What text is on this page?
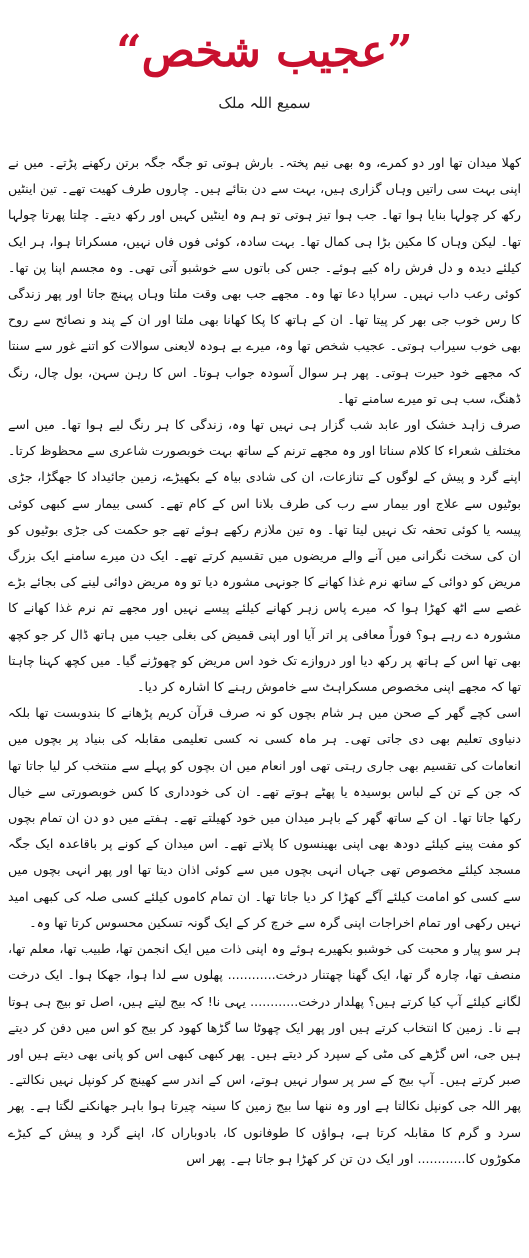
”عجیب شخص“
سمیع اللہ ملک

کھلا میدان تھا اور دو کمرے، وہ بھی نیم پختہ۔ بارش ہوتی تو جگہ جگہ برتن رکھنے پڑتے۔ میں نے اپنی بہت سی راتیں وہاں گزاری ہیں، بہت سے دن بتائے ہیں۔ چاروں طرف کھیت تھے۔ تین اینٹیں رکھ کر چولہا بنایا ہوا تھا۔ جب ہوا تیز ہوتی تو ہم وہ اینٹیں کہیں اور رکھ دیتے۔ چلتا پھرتا چولہا تھا۔ لیکن وہاں کا مکین بڑا ہی کمال تھا۔ بہت سادہ، کوئی فوں فاں نہیں، مسکراتا ہوا، ہر ایک کیلئے دیدہ و دل فرش راہ کیے ہوئے۔ جس کی باتوں سے خوشبو آتی تھی۔ وہ مجسم اپنا پن تھا۔ کوئی رعب داب نہیں۔ سراپا دعا تھا وہ۔ مجھے جب بھی وقت ملتا وہاں پہنچ جاتا اور پھر زندگی کا رس خوب جی بھر کر پیتا تھا۔ ان کے ہاتھ کا پکا کھانا بھی ملتا اور ان کے پند و نصائح سے روح بھی خوب سیراب ہوتی۔ عجیب شخص تھا وہ، میرے بے ہودہ لایعنی سوالات کو اتنے غور سے سنتا کہ مجھے خود حیرت ہوتی۔ پھر ہر سوال آسودہ جواب ہوتا۔ اس کا رہن سہن، بول چال، رنگ ڈھنگ، سب ہی تو میرے سامنے تھا۔

صرف زاہد خشک اور عابد شب گزار ہی نہیں تھا وہ، زندگی کا ہر رنگ لیے ہوا تھا۔ میں اسے مختلف شعراء کا کلام سناتا اور وہ مجھے ترنم کے ساتھ بہت خوبصورت شاعری سے محظوظ کرتا۔ اپنے گرد و پیش کے لوگوں کے تنازعات، ان کی شادی بیاہ کے بکھیڑے، زمین جائیداد کا جھگڑا، جڑی بوٹیوں سے علاج اور بیمار سے رب کی طرف بلانا اس کے کام تھے۔ کسی بیمار سے کبھی کوئی پیسہ یا کوئی تحفہ تک نہیں لیتا تھا۔ وہ تین ملازم رکھے ہوئے تھے جو حکمت کی جڑی بوٹیوں کو ان کی سخت نگرانی میں آنے والے مریضوں میں تقسیم کرتے تھے۔ ایک دن میرے سامنے ایک بزرگ مریض کو دوائی کے ساتھ نرم غذا کھانے کا جونہی مشورہ دیا تو وہ مریض دوائی لینے کی بجائے بڑے غصے سے اٹھ کھڑا ہوا کہ میرے پاس زہر کھانے کیلئے پیسے نہیں اور مجھے تم نرم غذا کھانے کا مشورہ دے رہے ہو؟ فوراً معافی پر اتر آیا اور اپنی قمیض کی بغلی جیب میں ہاتھ ڈال کر جو کچھ بھی تھا اس کے ہاتھ پر رکھ دیا اور دروازے تک خود اس مریض کو چھوڑنے گیا۔ میں کچھ کہنا چاہتا تھا کہ مجھے اپنی مخصوص مسکراہٹ سے خاموش رہنے کا اشارہ کر دیا۔

اسی کچے گھر کے صحن میں ہر شام بچوں کو نہ صرف قرآن کریم پڑھانے کا بندوبست تھا بلکہ دنیاوی تعلیم بھی دی جاتی تھی۔ ہر ماہ کسی نہ کسی تعلیمی مقابلہ کی بنیاد پر بچوں میں انعامات کی تقسیم بھی جاری رہتی تھی اور انعام میں ان بچوں کو پہلے سے منتخب کر لیا جاتا تھا کہ جن کے تن کے لباس بوسیدہ یا پھٹے ہوتے تھے۔ ان کی خودداری کا کس خوبصورتی سے خیال رکھا جاتا تھا۔ ان کے ساتھ گھر کے باہر میدان میں خود کھیلتے تھے۔ ہفتے میں دو دن ان تمام بچوں کو مفت پینے کیلئے دودھ بھی اپنی بھینسوں کا پلاتے تھے۔ اس میدان کے کونے پر باقاعدہ ایک جگہ مسجد کیلئے مخصوص تھی جہاں انہی بچوں میں سے کوئی اذان دیتا تھا اور پھر انہی بچوں میں سے کسی کو امامت کیلئے آگے کھڑا کر دیا جاتا تھا۔ ان تمام کاموں کیلئے کسی صلہ کی کبھی امید نہیں رکھی اور تمام اخراجات اپنی گرہ سے خرچ کر کے ایک گونہ تسکین محسوس کرتا تھا وہ۔

ہر سو پیار و محبت کی خوشبو بکھیرے ہوئے وہ اپنی ذات میں ایک انجمن تھا، طبیب تھا، معلم تھا، منصف تھا، چارہ گر تھا، ایک گھنا چھتنار درخت............ پھلوں سے لدا ہوا، جھکا ہوا۔ ایک درخت لگانے کیلئے آپ کیا کرتے ہیں؟ پھلدار درخت............ یہی نا! کہ بیج لیتے ہیں، اصل تو بیج ہی ہوتا ہے نا۔ زمین کا انتخاب کرتے ہیں اور پھر ایک چھوٹا سا گڑھا کھود کر بیج کو اس میں دفن کر دیتے ہیں جی، اس گڑھے کی مٹی کے سپرد کر دیتے ہیں۔ پھر کبھی کبھی اس کو پانی بھی دیتے ہیں اور صبر کرتے ہیں۔ آپ بیج کے سر پر سوار نہیں ہوتے، اس کے اندر سے کھینچ کر کونپل نہیں نکالتے۔ پھر اللہ جی کونپل نکالتا ہے اور وہ ننھا سا بیج زمین کا سینہ چیرتا ہوا باہر جھانکنے لگتا ہے۔ پھر سرد و گرم کا مقابلہ کرتا ہے، ہواؤں کا طوفانوں کا، بادوباراں کا، اپنے گرد و پیش کے کیڑے مکوڑوں کا............ اور ایک دن تن کر کھڑا ہو جاتا ہے۔ پھر اس
